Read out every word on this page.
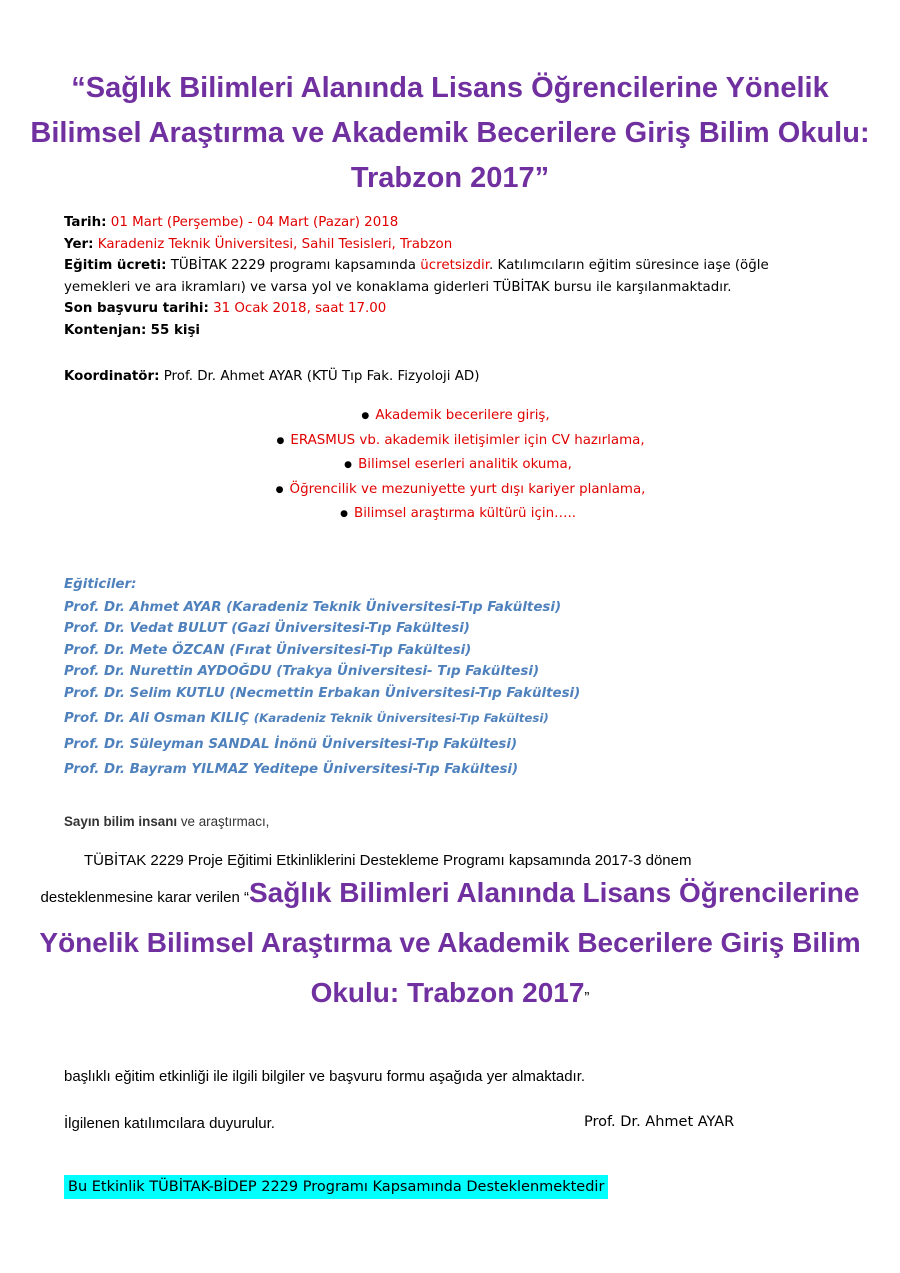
“Sağlık Bilimleri Alanında Lisans Öğrencilerine Yönelik Bilimsel Araştırma ve Akademik Becerilere Giriş Bilim Okulu: Trabzon 2017”
Tarih: 01 Mart (Perşembe) - 04 Mart (Pazar) 2018
Yer: Karadeniz Teknik Üniversitesi, Sahil Tesisleri, Trabzon
Eğitim ücreti: TÜBİTAK 2229 programı kapsamında ücretsizdir. Katılımcıların eğitim süresince iaşe (öğle
yemekleri ve ara ikramları) ve varsa yol ve konaklama giderleri TÜBİTAK bursu ile karşılanmaktadır.
Son başvuru tarihi: 31 Ocak 2018, saat 17.00
Kontenjan: 55 kişi
Koordinatör: Prof. Dr. Ahmet AYAR (KTÜ Tıp Fak. Fizyoloji AD)
● Akademik becerilere giriş,
● ERASMUS vb. akademik iletişimler için CV hazırlama,
● Bilimsel eserleri analitik okuma,
● Öğrencilik ve mezuniyette yurt dışı kariyer planlama,
● Bilimsel araştırma kültürü için…..
Eğiticiler:
Prof. Dr. Ahmet AYAR (Karadeniz Teknik Üniversitesi-Tıp Fakültesi)
Prof. Dr. Vedat BULUT (Gazi Üniversitesi-Tıp Fakültesi)
Prof. Dr. Mete ÖZCAN (Fırat Üniversitesi-Tıp Fakültesi)
Prof. Dr. Nurettin AYDOĞDU (Trakya Üniversitesi- Tıp Fakültesi)
Prof. Dr. Selim KUTLU (Necmettin Erbakan Üniversitesi-Tıp Fakültesi)
Prof. Dr. Ali Osman KILIÇ (Karadeniz Teknik Üniversitesi-Tıp Fakültesi)
Prof. Dr. Süleyman SANDAL İnönü Üniversitesi-Tıp Fakültesi)
Prof. Dr. Bayram YILMAZ Yeditepe Üniversitesi-Tıp Fakültesi)
Sayın bilim insanı ve araştırmacı,
TÜBİTAK 2229 Proje Eğitimi Etkinliklerini Destekleme Programı kapsamında 2017-3 dönem
desteklenmesine karar verilen “Sağlık Bilimleri Alanında Lisans Öğrencilerine Yönelik Bilimsel Araştırma ve Akademik Becerilere Giriş Bilim Okulu: Trabzon 2017”
başlıklı eğitim etkinliği ile ilgili bilgiler ve başvuru formu aşağıda yer almaktadır.
İlgilenen katılımcılara duyurulur.	Prof. Dr. Ahmet AYAR
Bu Etkinlik TÜBİTAK-BİDEP 2229 Programı Kapsamında Desteklenmektedir
